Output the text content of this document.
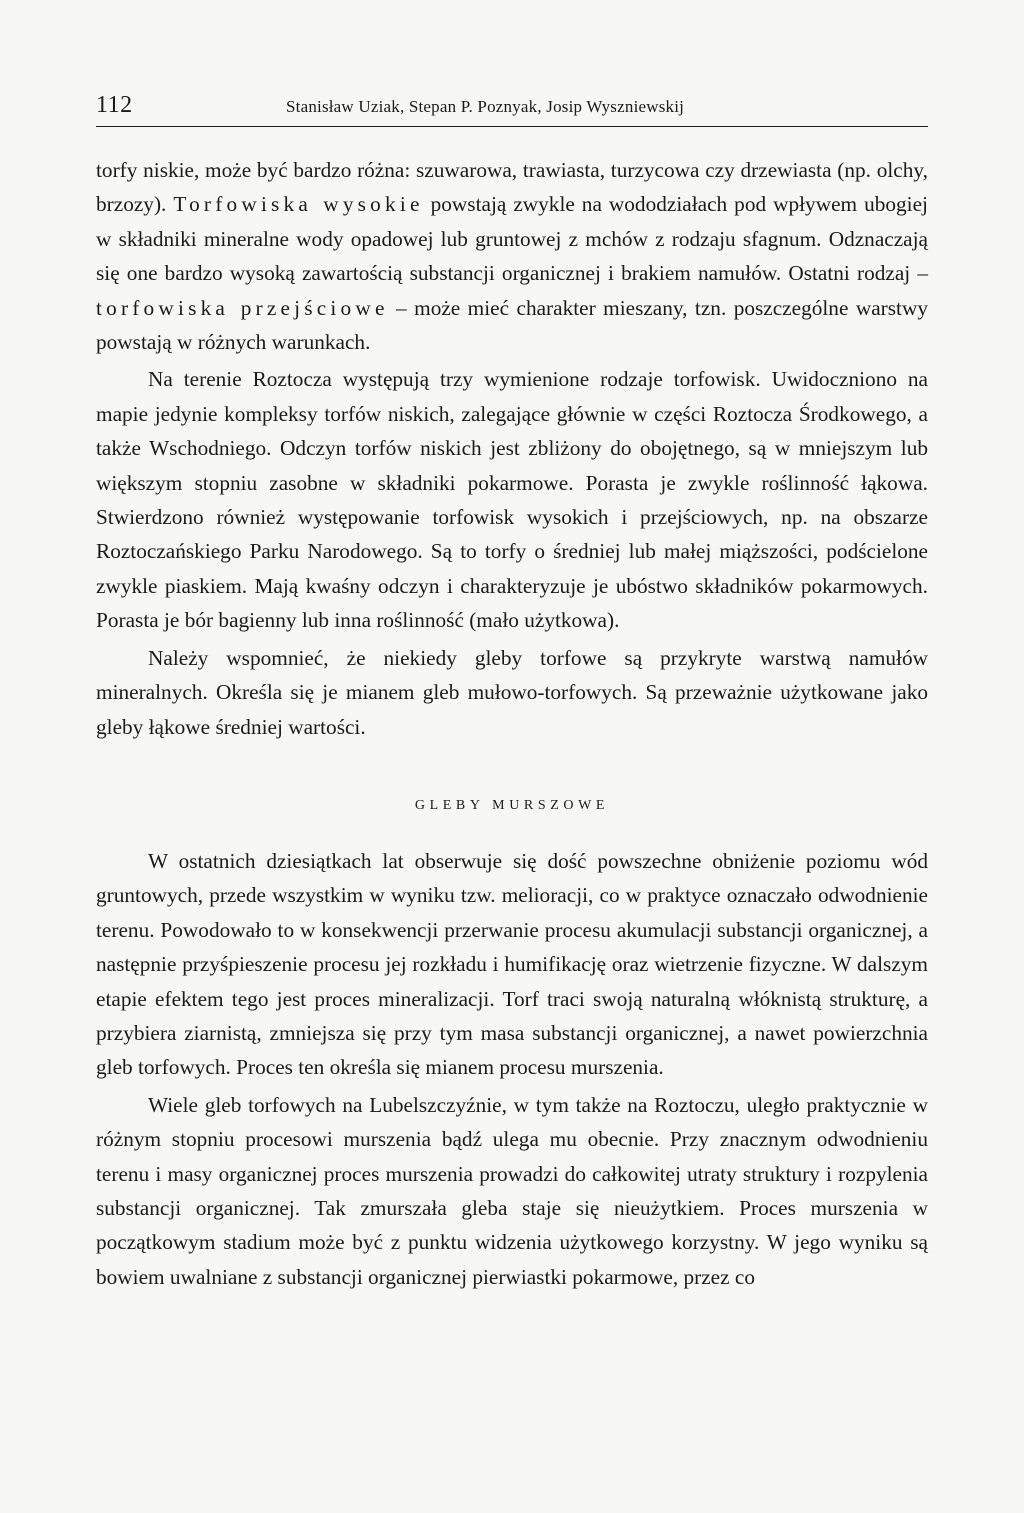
112	Stanisław Uziak, Stepan P. Poznyak, Josip Wyszniewskij

torfy niskie, może być bardzo różna: szuwarowa, trawiasta, turzycowa czy drzewiasta (np. olchy, brzozy). Torfowiska wysokie powstają zwykle na wododziałach pod wpływem ubogiej w składniki mineralne wody opadowej lub gruntowej z mchów z rodzaju sfagnum. Odznaczają się one bardzo wysoką zawartością substancji organicznej i brakiem namułów. Ostatni rodzaj – torfowiska przejściowe – może mieć charakter mieszany, tzn. poszczególne warstwy powstają w różnych warunkach.

Na terenie Roztocza występują trzy wymienione rodzaje torfowisk. Uwidoczniono na mapie jedynie kompleksy torfów niskich, zalegające głównie w części Roztocza Środkowego, a także Wschodniego. Odczyn torfów niskich jest zbliżony do obojętnego, są w mniejszym lub większym stopniu zasobne w składniki pokarmowe. Porasta je zwykle roślinność łąkowa. Stwierdzono również występowanie torfowisk wysokich i przejściowych, np. na obszarze Roztoczańskiego Parku Narodowego. Są to torfy o średniej lub małej miąższości, podścielone zwykle piaskiem. Mają kwaśny odczyn i charakteryzuje je ubóstwo składników pokarmowych. Porasta je bór bagienny lub inna roślinność (mało użytkowa).

Należy wspomnieć, że niekiedy gleby torfowe są przykryte warstwą namułów mineralnych. Określa się je mianem gleb mułowo-torfowych. Są przeważnie użytkowane jako gleby łąkowe średniej wartości.

GLEBY MURSZOWE

W ostatnich dziesiątkach lat obserwuje się dość powszechne obniżenie poziomu wód gruntowych, przede wszystkim w wyniku tzw. melioracji, co w praktyce oznaczało odwodnienie terenu. Powodowało to w konsekwencji przerwanie procesu akumulacji substancji organicznej, a następnie przyśpieszenie procesu jej rozkładu i humifikację oraz wietrzenie fizyczne. W dalszym etapie efektem tego jest proces mineralizacji. Torf traci swoją naturalną włóknistą strukturę, a przybiera ziarnistą, zmniejsza się przy tym masa substancji organicznej, a nawet powierzchnia gleb torfowych. Proces ten określa się mianem procesu murszenia.

Wiele gleb torfowych na Lubelszczyźnie, w tym także na Roztoczu, uległo praktycznie w różnym stopniu procesowi murszenia bądź ulega mu obecnie. Przy znacznym odwodnieniu terenu i masy organicznej proces murszenia prowadzi do całkowitej utraty struktury i rozpylenia substancji organicznej. Tak zmurszała gleba staje się nieużytkiem. Proces murszenia w początkowym stadium może być z punktu widzenia użytkowego korzystny. W jego wyniku są bowiem uwalniane z substancji organicznej pierwiastki pokarmowe, przez co
